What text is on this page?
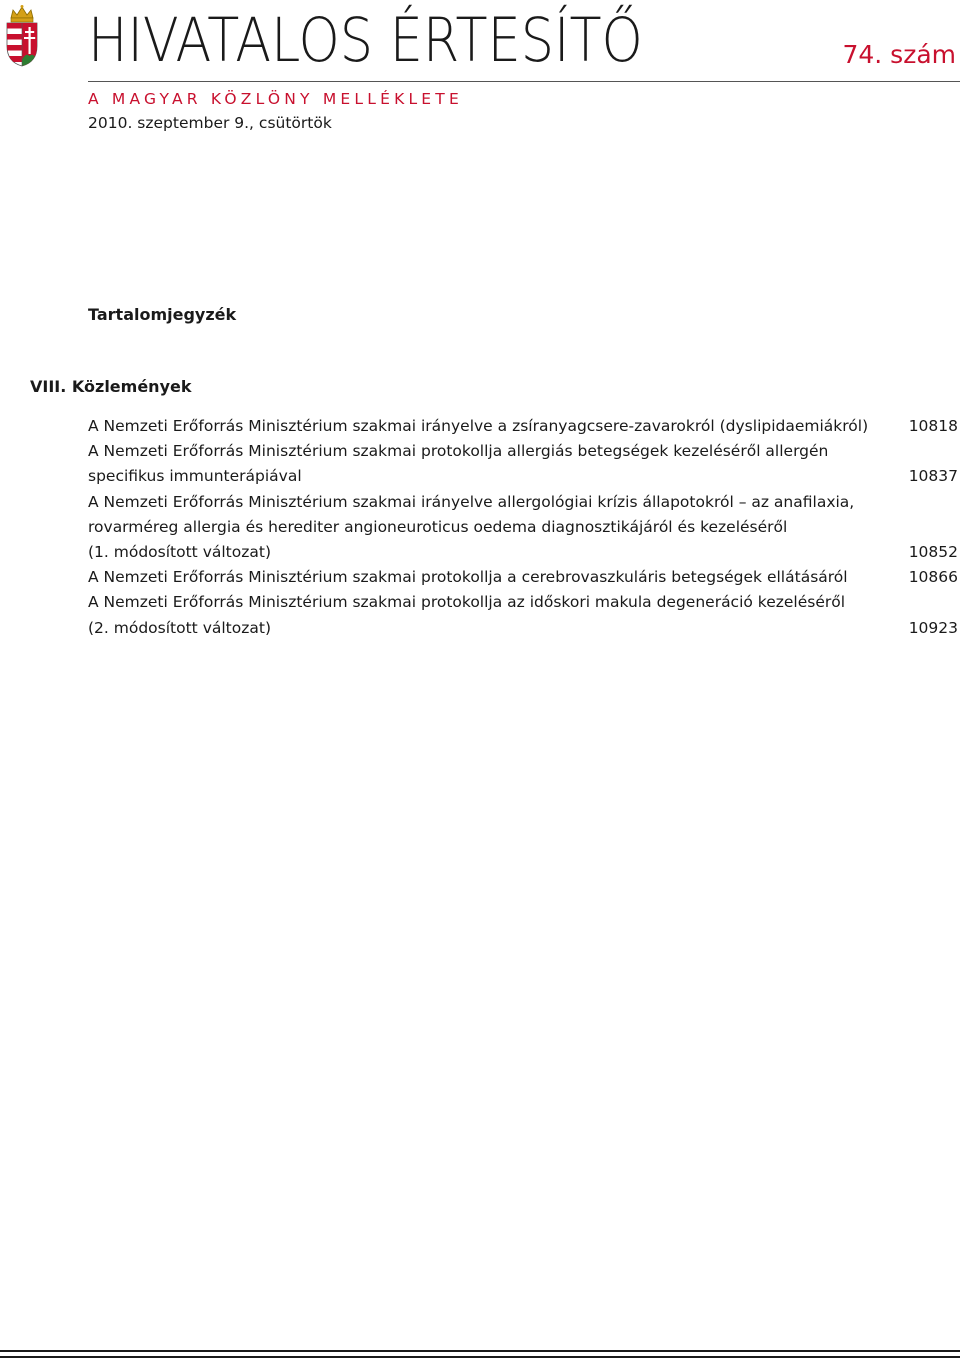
HIVATALOS ÉRTESÍTŐ	74. szám
A MAGYAR KÖZLÖNY MELLÉKLETE
2010. szeptember 9., csütörtök
Tartalomjegyzék
VIII. Közlemények
A Nemzeti Erőforrás Minisztérium szakmai irányelve a zsíranyagcsere-zavarokról (dyslipidaemiákról)	10818
A Nemzeti Erőforrás Minisztérium szakmai protokollja allergiás betegségek kezeléséről allergén
specifikus immunterápiával	10837
A Nemzeti Erőforrás Minisztérium szakmai irányelve allergológiai krízis állapotokról – az anafilaxia,
rovarméreg allergia és herediter angioneuroticus oedema diagnosztikájáról és kezeléséről
(1. módosított változat)	10852
A Nemzeti Erőforrás Minisztérium szakmai protokollja a cerebrovaszkuláris betegségek ellátásáról	10866
A Nemzeti Erőforrás Minisztérium szakmai protokollja az időskori makula degeneráció kezeléséről
(2. módosított változat)	10923
